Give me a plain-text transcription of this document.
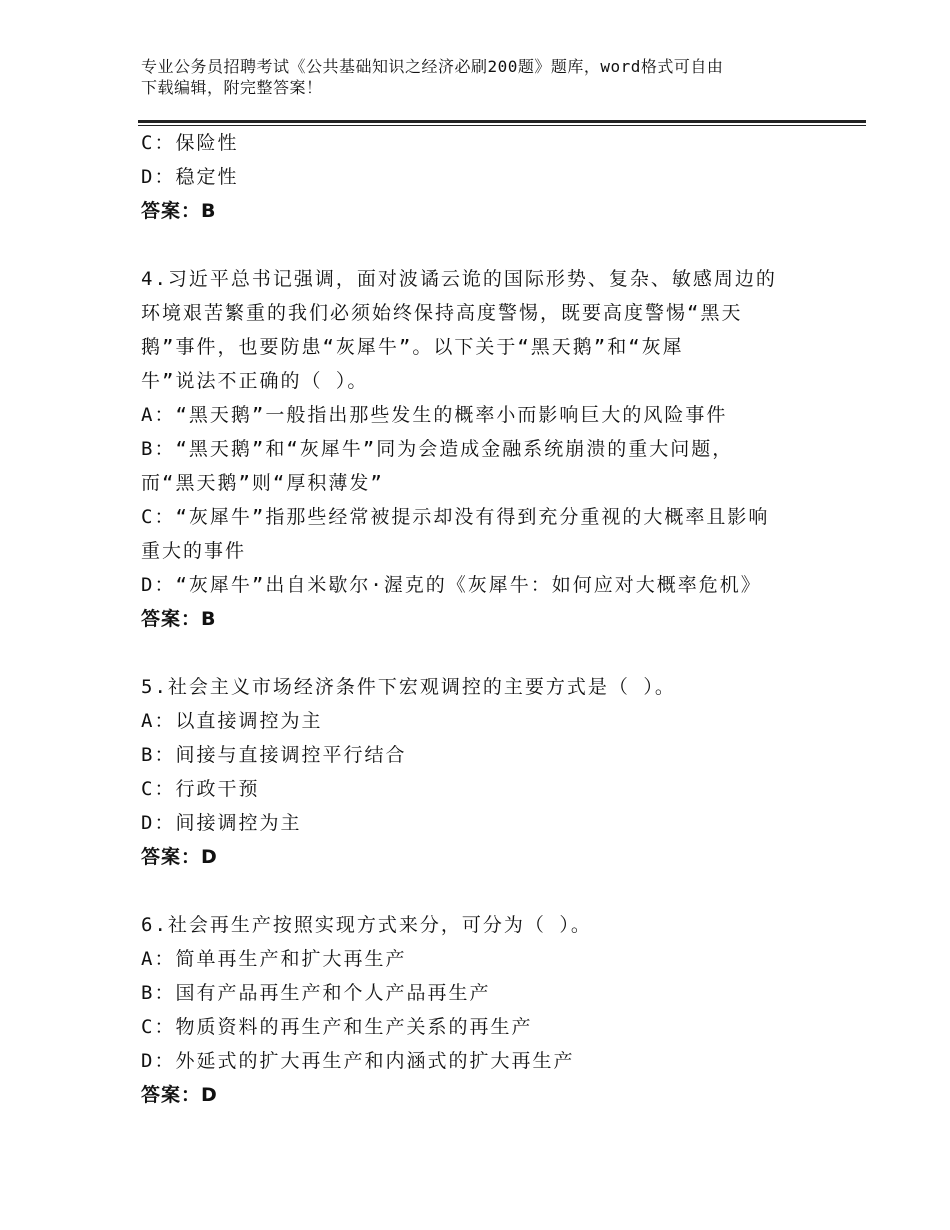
专业公务员招聘考试《公共基础知识之经济必刷200题》题库，word格式可自由
下载编辑，附完整答案！
C：保险性
D：稳定性
答案：B
4.习近平总书记强调，面对波谲云诡的国际形势、复杂、敏感周边的
环境艰苦繁重的我们必须始终保持高度警惕，既要高度警惕“黑天
鹅”事件，也要防患“灰犀牛”。以下关于“黑天鹅”和“灰犀
牛”说法不正确的（ ）。
A：“黑天鹅”一般指出那些发生的概率小而影响巨大的风险事件
B：“黑天鹅”和“灰犀牛”同为会造成金融系统崩溃的重大问题，
而“黑天鹅”则“厚积薄发”
C：“灰犀牛”指那些经常被提示却没有得到充分重视的大概率且影响
重大的事件
D：“灰犀牛”出自米歇尔·渥克的《灰犀牛：如何应对大概率危机》
答案：B
5.社会主义市场经济条件下宏观调控的主要方式是（ ）。
A：以直接调控为主
B：间接与直接调控平行结合
C：行政干预
D：间接调控为主
答案：D
6.社会再生产按照实现方式来分，可分为（ ）。
A：简单再生产和扩大再生产
B：国有产品再生产和个人产品再生产
C：物质资料的再生产和生产关系的再生产
D：外延式的扩大再生产和内涵式的扩大再生产
答案：D
